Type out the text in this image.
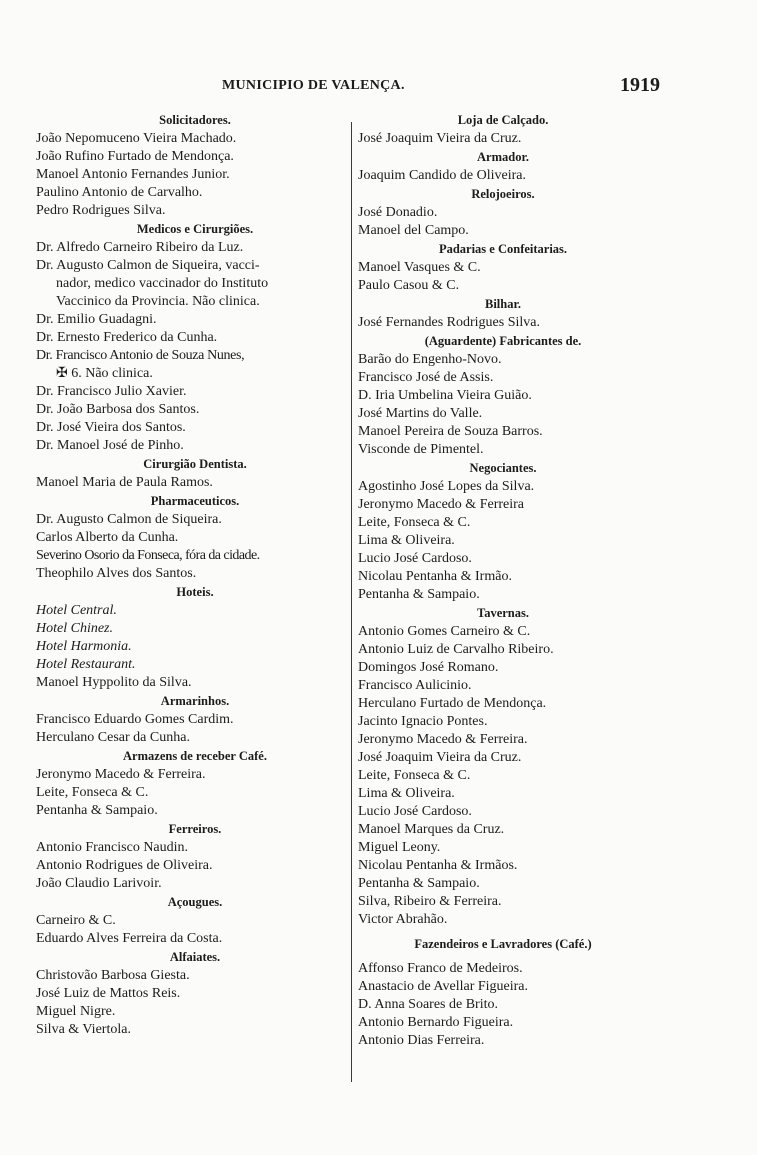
MUNICIPIO DE VALENÇA.	1919
Solicitadores.
João Nepomuceno Vieira Machado.
João Rufino Furtado de Mendonça.
Manoel Antonio Fernandes Junior.
Paulino Antonio de Carvalho.
Pedro Rodrigues Silva.
Medicos e Cirurgiões.
Dr. Alfredo Carneiro Ribeiro da Luz.
Dr. Augusto Calmon de Siqueira, vacci-
nador, medico vaccinador do Instituto
Vaccinico da Provincia. Não clinica.
Dr. Emilio Guadagni.
Dr. Ernesto Frederico da Cunha.
Dr. Francisco Antonio de Souza Nunes,
✠ 6. Não clinica.
Dr. Francisco Julio Xavier.
Dr. João Barbosa dos Santos.
Dr. José Vieira dos Santos.
Dr. Manoel José de Pinho.
Cirurgião Dentista.
Manoel Maria de Paula Ramos.
Pharmaceuticos.
Dr. Augusto Calmon de Siqueira.
Carlos Alberto da Cunha.
Severino Osorio da Fonseca, fóra da cidade.
Theophilo Alves dos Santos.
Hoteis.
Hotel Central.
Hotel Chinez.
Hotel Harmonia.
Hotel Restaurant.
Manoel Hyppolito da Silva.
Armarinhos.
Francisco Eduardo Gomes Cardim.
Herculano Cesar da Cunha.
Armazens de receber Café.
Jeronymo Macedo & Ferreira.
Leite, Fonseca & C.
Pentanha & Sampaio.
Ferreiros.
Antonio Francisco Naudin.
Antonio Rodrigues de Oliveira.
João Claudio Larivoir.
Açougues.
Carneiro & C.
Eduardo Alves Ferreira da Costa.
Alfaiates.
Christovão Barbosa Giesta.
José Luiz de Mattos Reis.
Miguel Nigre.
Silva & Viertola.
Loja de Calçado.
José Joaquim Vieira da Cruz.
Armador.
Joaquim Candido de Oliveira.
Relojoeiros.
José Donadio.
Manoel del Campo.
Padarias e Confeitarias.
Manoel Vasques & C.
Paulo Casou & C.
Bilhar.
José Fernandes Rodrigues Silva.
(Aguardente) Fabricantes de.
Barão do Engenho-Novo.
Francisco José de Assis.
D. Iria Umbelina Vieira Guião.
José Martins do Valle.
Manoel Pereira de Souza Barros.
Visconde de Pimentel.
Negociantes.
Agostinho José Lopes da Silva.
Jeronymo Macedo & Ferreira
Leite, Fonseca & C.
Lima & Oliveira.
Lucio José Cardoso.
Nicolau Pentanha & Irmão.
Pentanha & Sampaio.
Tavernas.
Antonio Gomes Carneiro & C.
Antonio Luiz de Carvalho Ribeiro.
Domingos José Romano.
Francisco Aulicinio.
Herculano Furtado de Mendonça.
Jacinto Ignacio Pontes.
Jeronymo Macedo & Ferreira.
José Joaquim Vieira da Cruz.
Leite, Fonseca & C.
Lima & Oliveira.
Lucio José Cardoso.
Manoel Marques da Cruz.
Miguel Leony.
Nicolau Pentanha & Irmãos.
Pentanha & Sampaio.
Silva, Ribeiro & Ferreira.
Victor Abrahão.
Fazendeiros e Lavradores (Café.)
Affonso Franco de Medeiros.
Anastacio de Avellar Figueira.
D. Anna Soares de Brito.
Antonio Bernardo Figueira.
Antonio Dias Ferreira.
